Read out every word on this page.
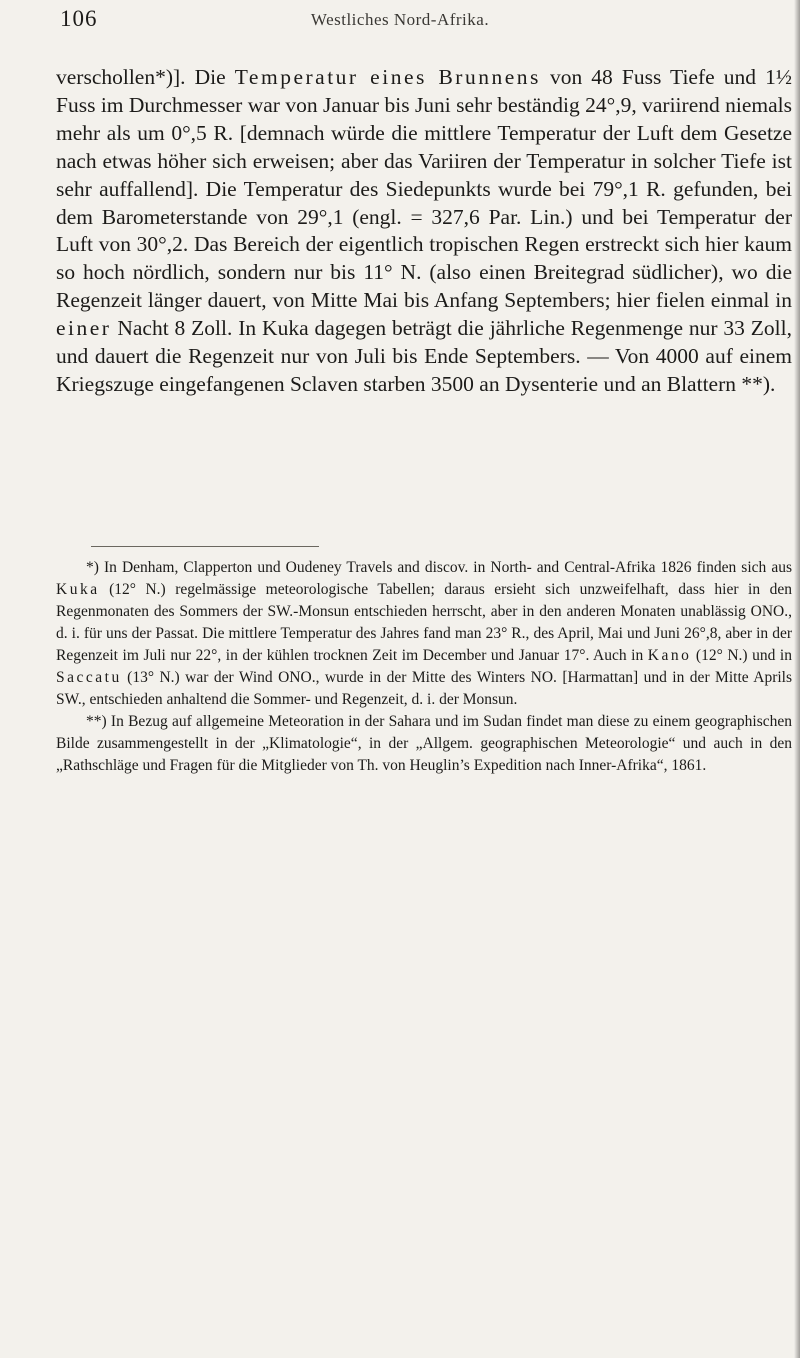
106	Westliches Nord-Afrika.

verschollen*)]. Die Temperatur eines Brunnens von 48 Fuss Tiefe und 1½ Fuss im Durchmesser war von Januar bis Juni sehr beständig 24°,9, variirend niemals mehr als um 0°,5 R. [demnach würde die mittlere Temperatur der Luft dem Gesetze nach etwas höher sich erweisen; aber das Variiren der Temperatur in solcher Tiefe ist sehr auffallend]. Die Temperatur des Siedepunkts wurde bei 79°,1 R. gefunden, bei dem Barometerstande von 29°,1 (engl. = 327,6 Par. Lin.) und bei Temperatur der Luft von 30°,2. Das Bereich der eigentlich tropischen Regen erstreckt sich hier kaum so hoch nördlich, sondern nur bis 11° N. (also einen Breitegrad südlicher), wo die Regenzeit länger dauert, von Mitte Mai bis Anfang Septembers; hier fielen einmal in einer Nacht 8 Zoll. In Kuka dagegen beträgt die jährliche Regenmenge nur 33 Zoll, und dauert die Regenzeit nur von Juli bis Ende Septembers. — Von 4000 auf einem Kriegszuge eingefangenen Sclaven starben 3500 an Dysenterie und an Blattern **).

*) In Denham, Clapperton und Oudeney Travels and discov. in North- and Central-Afrika 1826 finden sich aus Kuka (12° N.) regelmässige meteorologische Tabellen; daraus ersieht sich unzweifelhaft, dass hier in den Regenmonaten des Sommers der SW.-Monsun entschieden herrscht, aber in den anderen Monaten unablässig ONO., d. i. für uns der Passat. Die mittlere Temperatur des Jahres fand man 23° R., des April, Mai und Juni 26°,8, aber in der Regenzeit im Juli nur 22°, in der kühlen trocknen Zeit im December und Januar 17°. Auch in Kano (12° N.) und in Saccatu (13° N.) war der Wind ONO., wurde in der Mitte des Winters NO. [Harmattan] und in der Mitte Aprils SW., entschieden anhaltend die Sommer- und Regenzeit, d. i. der Monsun.

**) In Bezug auf allgemeine Meteoration in der Sahara und im Sudan findet man diese zu einem geographischen Bilde zusammengestellt in der „Klimatologie“, in der „Allgem. geographischen Meteorologie“ und auch in den „Rathschläge und Fragen für die Mitglieder von Th. von Heuglin’s Expedition nach Inner-Afrika“, 1861.
